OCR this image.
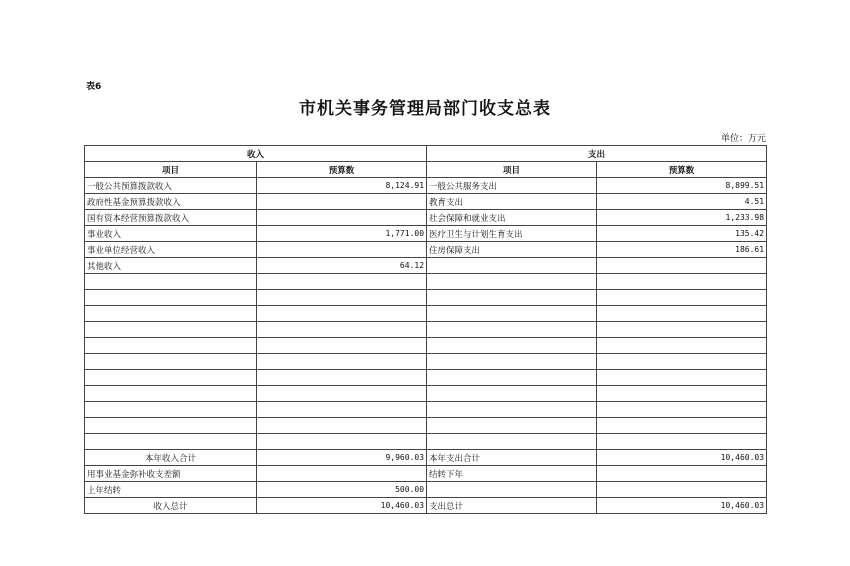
表6
市机关事务管理局部门收支总表
单位：万元
收入		支出	
项目	预算数	项目	预算数
一般公共预算拨款收入	8,124.91	一般公共服务支出	8,899.51
政府性基金预算拨款收入		教育支出	4.51
国有资本经营预算拨款收入		社会保障和就业支出	1,233.98
事业收入	1,771.00	医疗卫生与计划生育支出	135.42
事业单位经营收入		住房保障支出	186.61
其他收入	64.12		

本年收入合计	9,960.03	本年支出合计	10,460.03
用事业基金弥补收支差额		结转下年	
上年结转	500.00		
收入总计	10,460.03	支出总计	10,460.03
